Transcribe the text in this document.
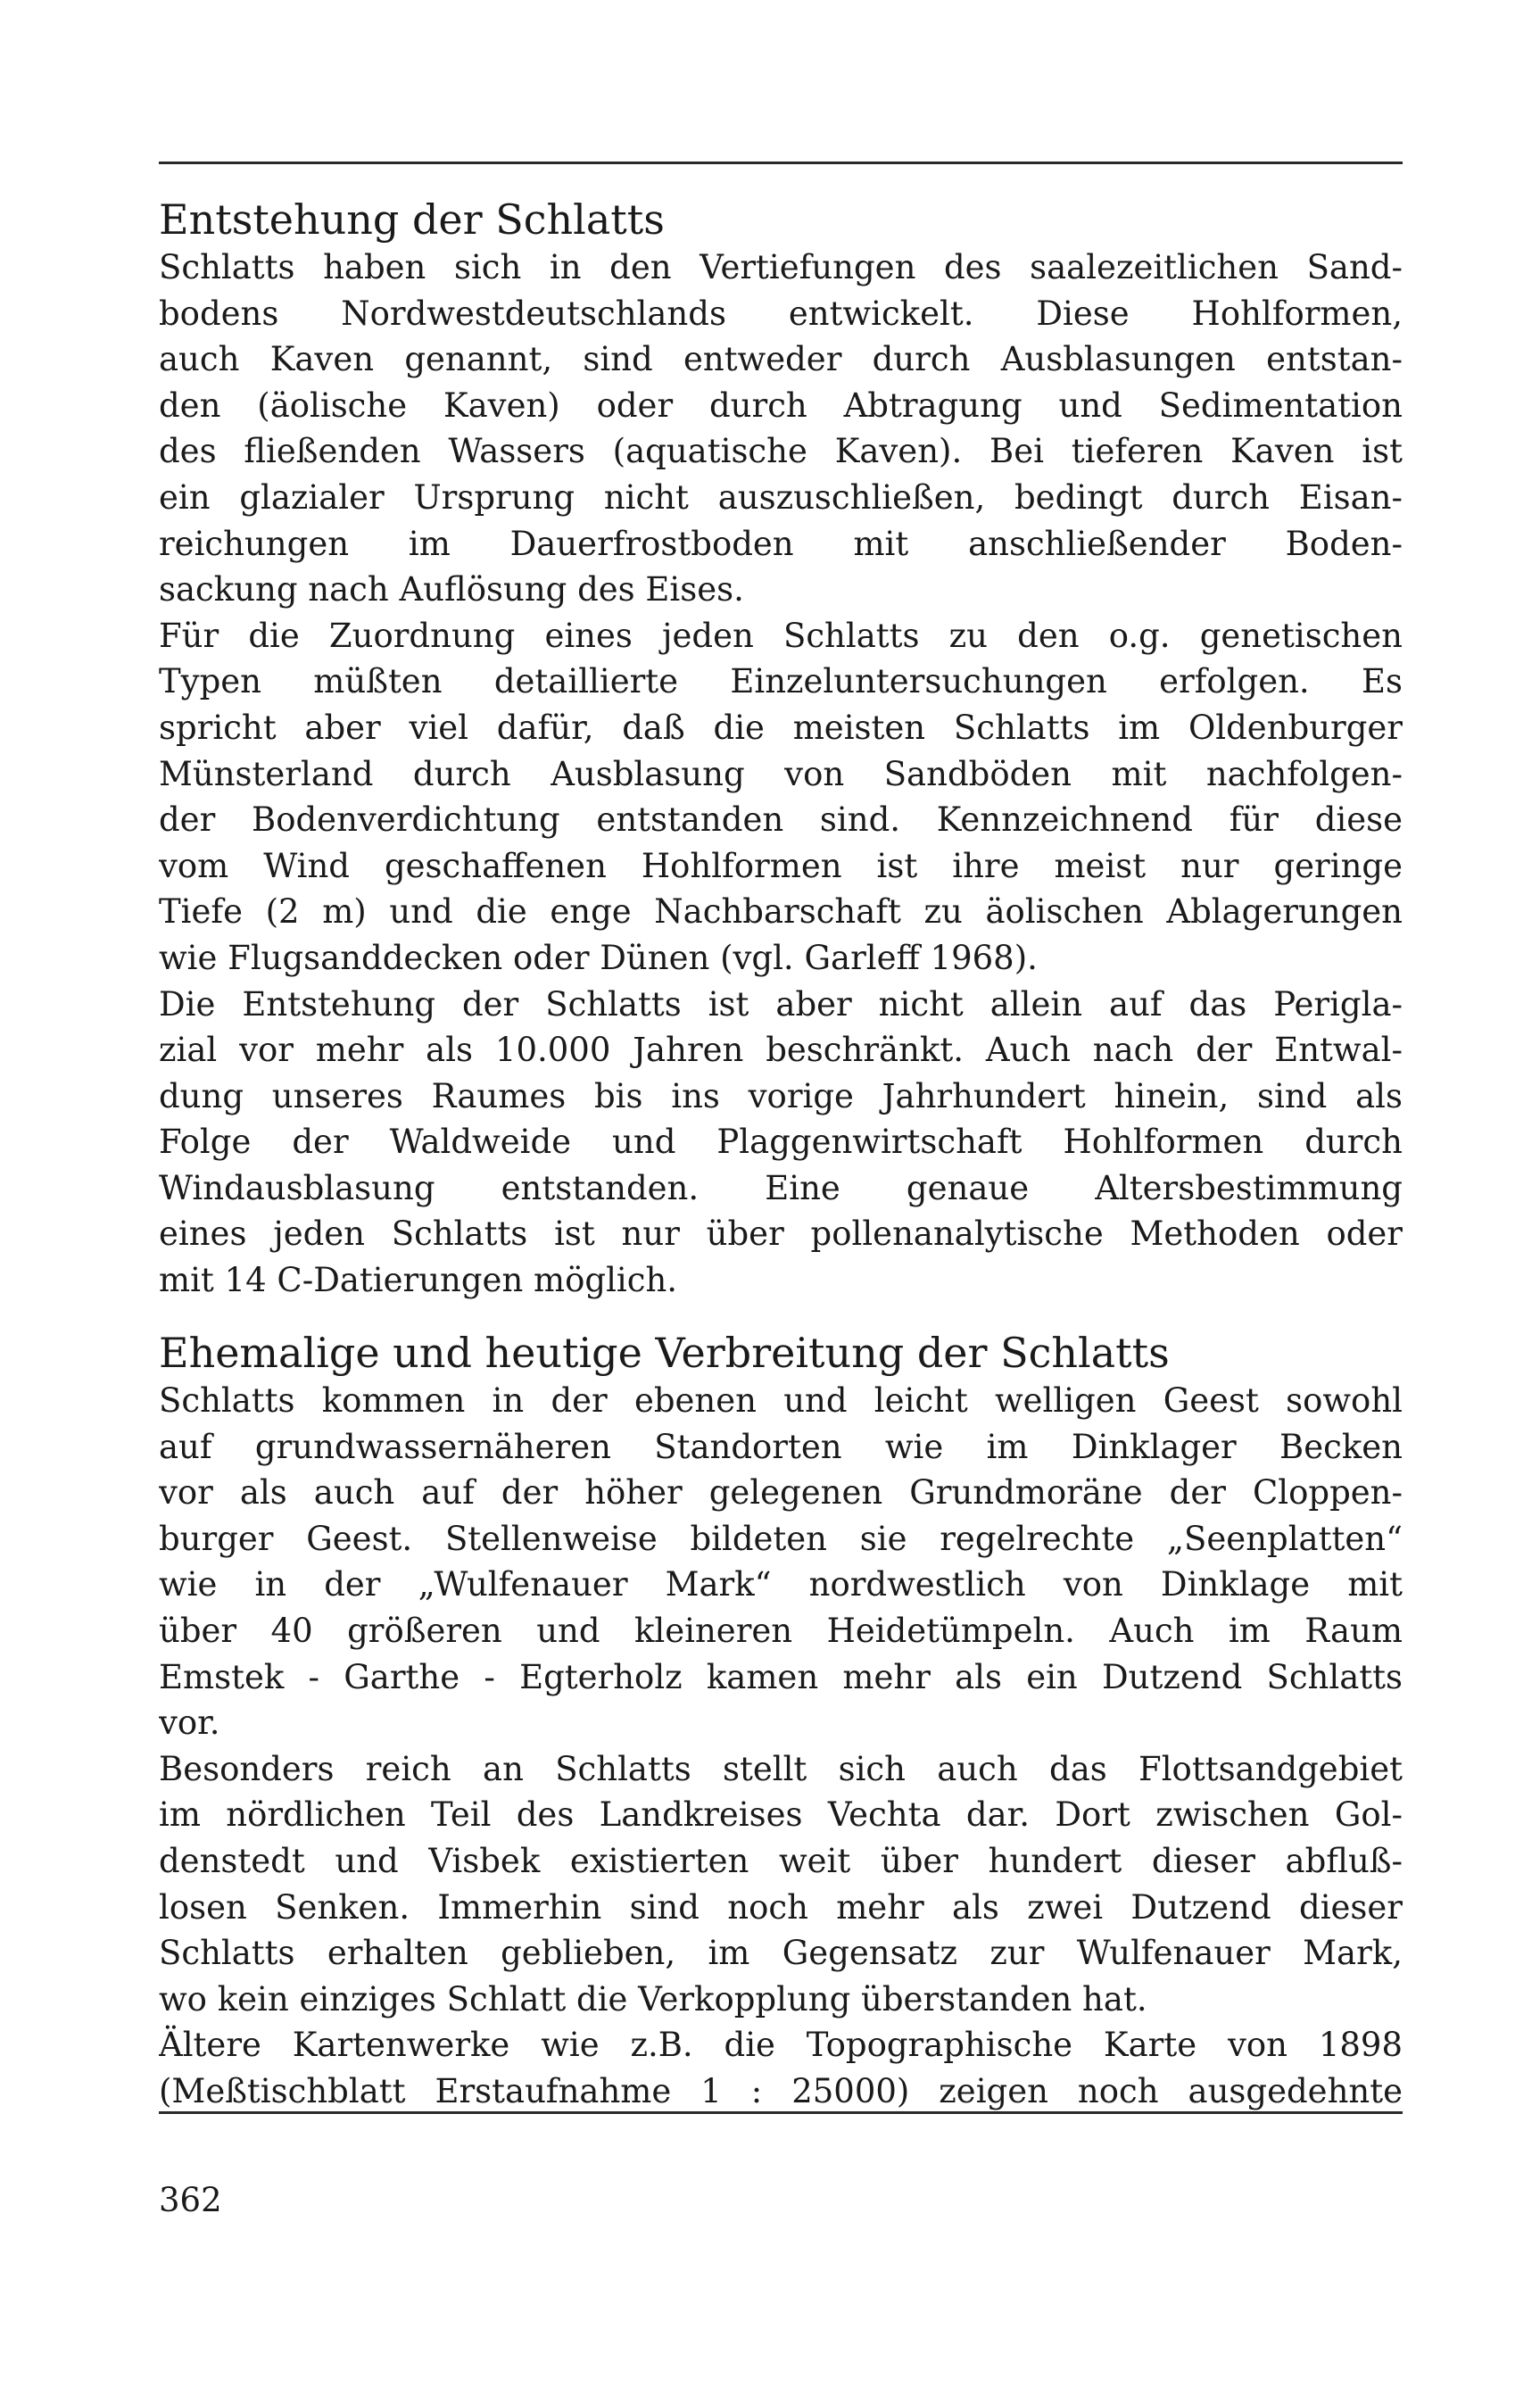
Entstehung der Schlatts
Schlatts haben sich in den Vertiefungen des saalezeitlichen Sand-
bodens Nordwestdeutschlands entwickelt. Diese Hohlformen,
auch Kaven genannt, sind entweder durch Ausblasungen entstan-
den (äolische Kaven) oder durch Abtragung und Sedimentation
des fließenden Wassers (aquatische Kaven). Bei tieferen Kaven ist
ein glazialer Ursprung nicht auszuschließen, bedingt durch Eisan-
reichungen im Dauerfrostboden mit anschließender Boden-
sackung nach Auflösung des Eises.
Für die Zuordnung eines jeden Schlatts zu den o.g. genetischen
Typen müßten detaillierte Einzeluntersuchungen erfolgen. Es
spricht aber viel dafür, daß die meisten Schlatts im Oldenburger
Münsterland durch Ausblasung von Sandböden mit nachfolgen-
der Bodenverdichtung entstanden sind. Kennzeichnend für diese
vom Wind geschaffenen Hohlformen ist ihre meist nur geringe
Tiefe (2 m) und die enge Nachbarschaft zu äolischen Ablagerungen
wie Flugsanddecken oder Dünen (vgl. Garleff 1968).
Die Entstehung der Schlatts ist aber nicht allein auf das Perigla-
zial vor mehr als 10.000 Jahren beschränkt. Auch nach der Entwal-
dung unseres Raumes bis ins vorige Jahrhundert hinein, sind als
Folge der Waldweide und Plaggenwirtschaft Hohlformen durch
Windausblasung entstanden. Eine genaue Altersbestimmung
eines jeden Schlatts ist nur über pollenanalytische Methoden oder
mit 14 C-Datierungen möglich.
Ehemalige und heutige Verbreitung der Schlatts
Schlatts kommen in der ebenen und leicht welligen Geest sowohl
auf grundwassernäheren Standorten wie im Dinklager Becken
vor als auch auf der höher gelegenen Grundmoräne der Cloppen-
burger Geest. Stellenweise bildeten sie regelrechte „Seenplatten“
wie in der „Wulfenauer Mark“ nordwestlich von Dinklage mit
über 40 größeren und kleineren Heidetümpeln. Auch im Raum
Emstek - Garthe - Egterholz kamen mehr als ein Dutzend Schlatts
vor.
Besonders reich an Schlatts stellt sich auch das Flottsandgebiet
im nördlichen Teil des Landkreises Vechta dar. Dort zwischen Gol-
denstedt und Visbek existierten weit über hundert dieser abfluß-
losen Senken. Immerhin sind noch mehr als zwei Dutzend dieser
Schlatts erhalten geblieben, im Gegensatz zur Wulfenauer Mark,
wo kein einziges Schlatt die Verkopplung überstanden hat.
Ältere Kartenwerke wie z.B. die Topographische Karte von 1898
(Meßtischblatt Erstaufnahme 1 : 25000) zeigen noch ausgedehnte
362
